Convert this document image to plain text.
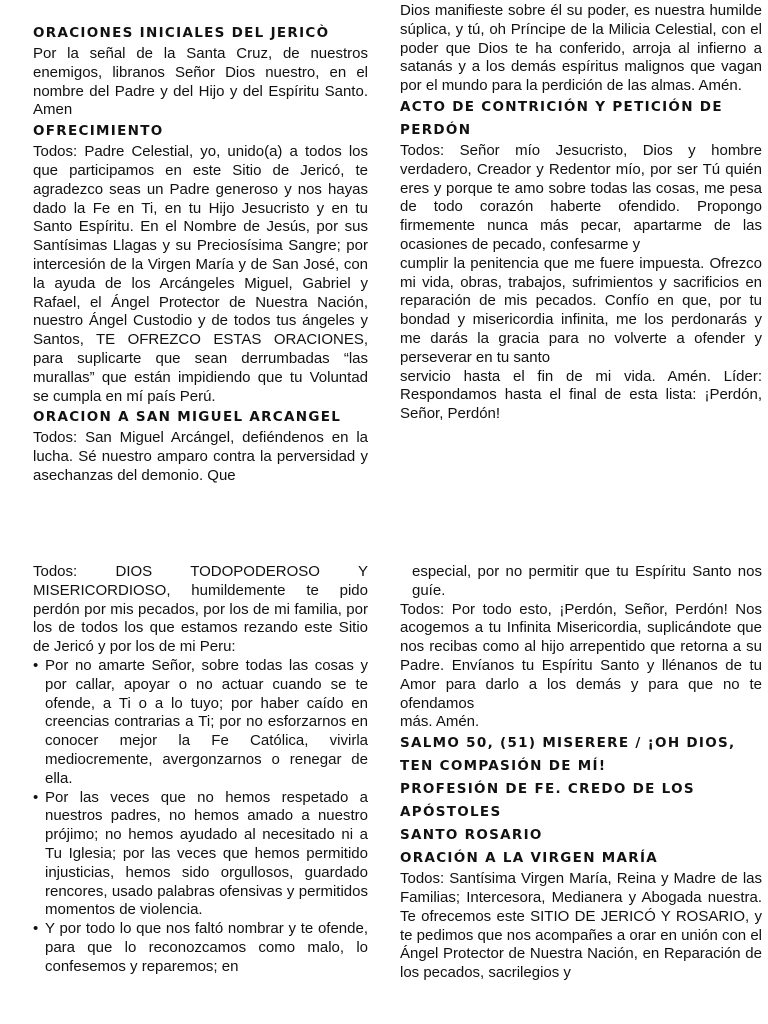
ORACIONES INICIALES DEL JERICÒ

Por la señal de la Santa Cruz, de nuestros enemigos, libranos Señor Dios nuestro, en el nombre del Padre y del Hijo y del Espíritu Santo. Amen

OFRECIMIENTO

Todos: Padre Celestial, yo, unido(a) a todos los que participamos en este Sitio de Jericó, te agradezco seas un Padre generoso y nos hayas dado la Fe en Ti, en tu Hijo Jesucristo y en tu Santo Espíritu. En el Nombre de Jesús, por sus Santísimas Llagas y su Preciosísima Sangre; por intercesión de la Virgen María y de San José, con la ayuda de los Arcángeles Miguel, Gabriel y Rafael, el Ángel Protector de Nuestra Nación, nuestro Ángel Custodio y de todos tus ángeles y Santos, TE OFREZCO ESTAS ORACIONES, para suplicarte que sean derrumbadas “las murallas” que están impidiendo que tu Voluntad se cumpla en mí país Perú.

ORACION A SAN MIGUEL ARCANGEL

Todos: San Miguel Arcángel, defiéndenos en la lucha. Sé nuestro amparo contra la perversidad y asechanzas del demonio. Que

Dios manifieste sobre él su poder, es nuestra humilde súplica, y tú, oh Príncipe de la Milicia Celestial, con el poder que Dios te ha conferido, arroja al infierno a satanás y a los demás espíritus malignos que vagan por el mundo para la perdición de las almas. Amén.

ACTO DE CONTRICIÓN Y PETICIÓN DE PERDÓN

Todos: Señor mío Jesucristo, Dios y hombre verdadero, Creador y Redentor mío, por ser Tú quién eres y porque te amo sobre todas las cosas, me pesa de todo corazón haberte ofendido. Propongo firmemente nunca más pecar, apartarme de las ocasiones de pecado, confesarme y

cumplir la penitencia que me fuere impuesta. Ofrezco mi vida, obras, trabajos, sufrimientos y sacrificios en reparación de mis pecados. Confío en que, por tu bondad y misericordia infinita, me los perdonarás y me darás la gracia para no volverte a ofender y perseverar en tu santo

servicio hasta el fin de mi vida. Amén. Líder: Respondamos hasta el final de esta lista: ¡Perdón, Señor, Perdón!

Todos: DIOS TODOPODEROSO Y MISERICORDIOSO, humildemente te pido perdón por mis pecados, por los de mi familia, por los de todos los que estamos rezando este Sitio de Jericó y por los de mi Peru:

• Por no amarte Señor, sobre todas las cosas y por callar, apoyar o no actuar cuando se te ofende, a Ti o a lo tuyo; por haber caído en creencias contrarias a Ti; por no esforzarnos en conocer mejor la Fe Católica, vivirla mediocremente, avergonzarnos o renegar de ella.
• Por las veces que no hemos respetado a nuestros padres, no hemos amado a nuestro prójimo; no hemos ayudado al necesitado ni a Tu Iglesia; por las veces que hemos permitido injusticias, hemos sido orgullosos, guardado rencores, usado palabras ofensivas y permitidos momentos de violencia.
• Y por todo lo que nos faltó nombrar y te ofende, para que lo reconozcamos como malo, lo confesemos y reparemos; en

especial, por no permitir que tu Espíritu Santo nos guíe.

Todos: Por todo esto, ¡Perdón, Señor, Perdón! Nos acogemos a tu Infinita Misericordia, suplicándote que nos recibas como al hijo arrepentido que retorna a su Padre. Envíanos tu Espíritu Santo y llénanos de tu Amor para darlo a los demás y para que no te ofendamos

más. Amén.

SALMO 50, (51) MISERERE / ¡OH DIOS, TEN COMPASIÓN DE MÍ!
PROFESIÓN DE FE. CREDO DE LOS APÓSTOLES
SANTO ROSARIO
ORACIÓN A LA VIRGEN MARÍA

Todos: Santísima Virgen María, Reina y Madre de las Familias; Intercesora, Medianera y Abogada nuestra. Te ofrecemos este SITIO DE JERICÓ Y ROSARIO, y te pedimos que nos acompañes a orar en unión con el Ángel Protector de Nuestra Nación, en Reparación de los pecados, sacrilegios y
